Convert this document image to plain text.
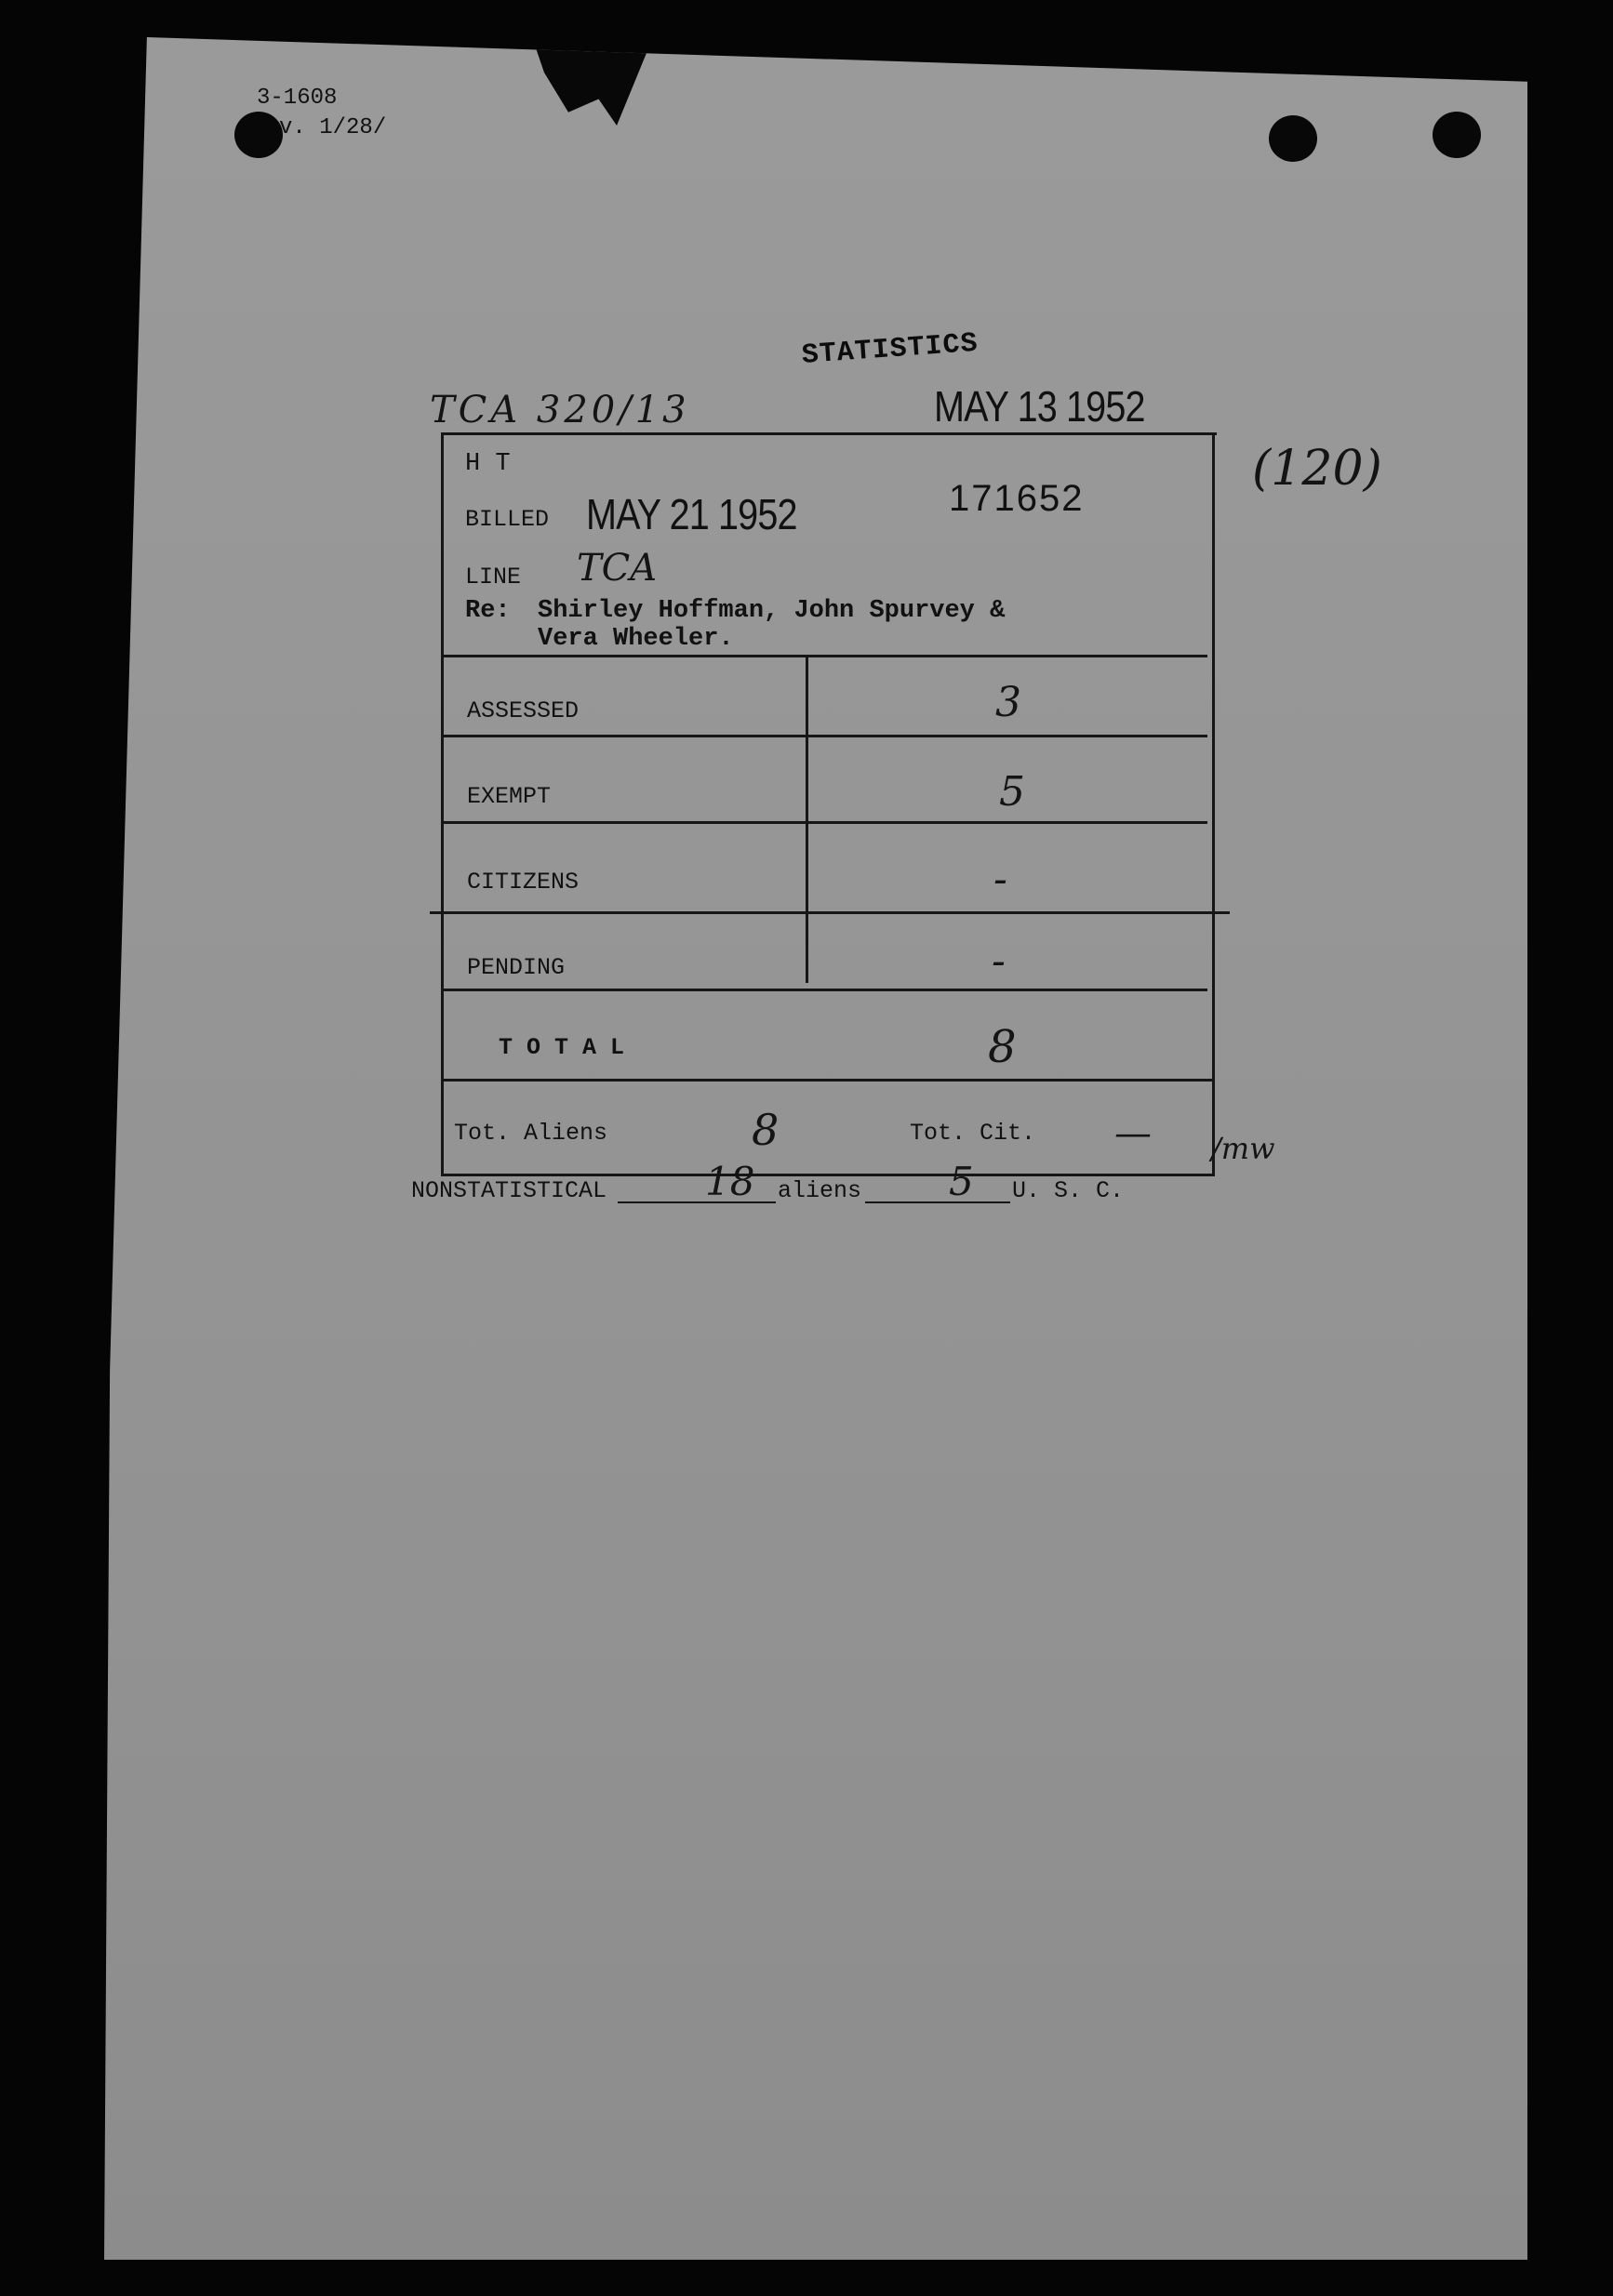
3-1608
v. 1/28/
STATISTICS
MAY 13 1952
TCA 320/13
(120)
H T
BILLED MAY 21 1952	171652
LINE TCA
Re: Shirley Hoffman, John Spurvey &
Vera Wheeler.
ASSESSED	3
EXEMPT	5
CITIZENS	-
PENDING	-
T O T A L	8
Tot. Aliens	8	Tot. Cit. — /mw
NONSTATISTICAL	18 aliens 5 U. S. C.
